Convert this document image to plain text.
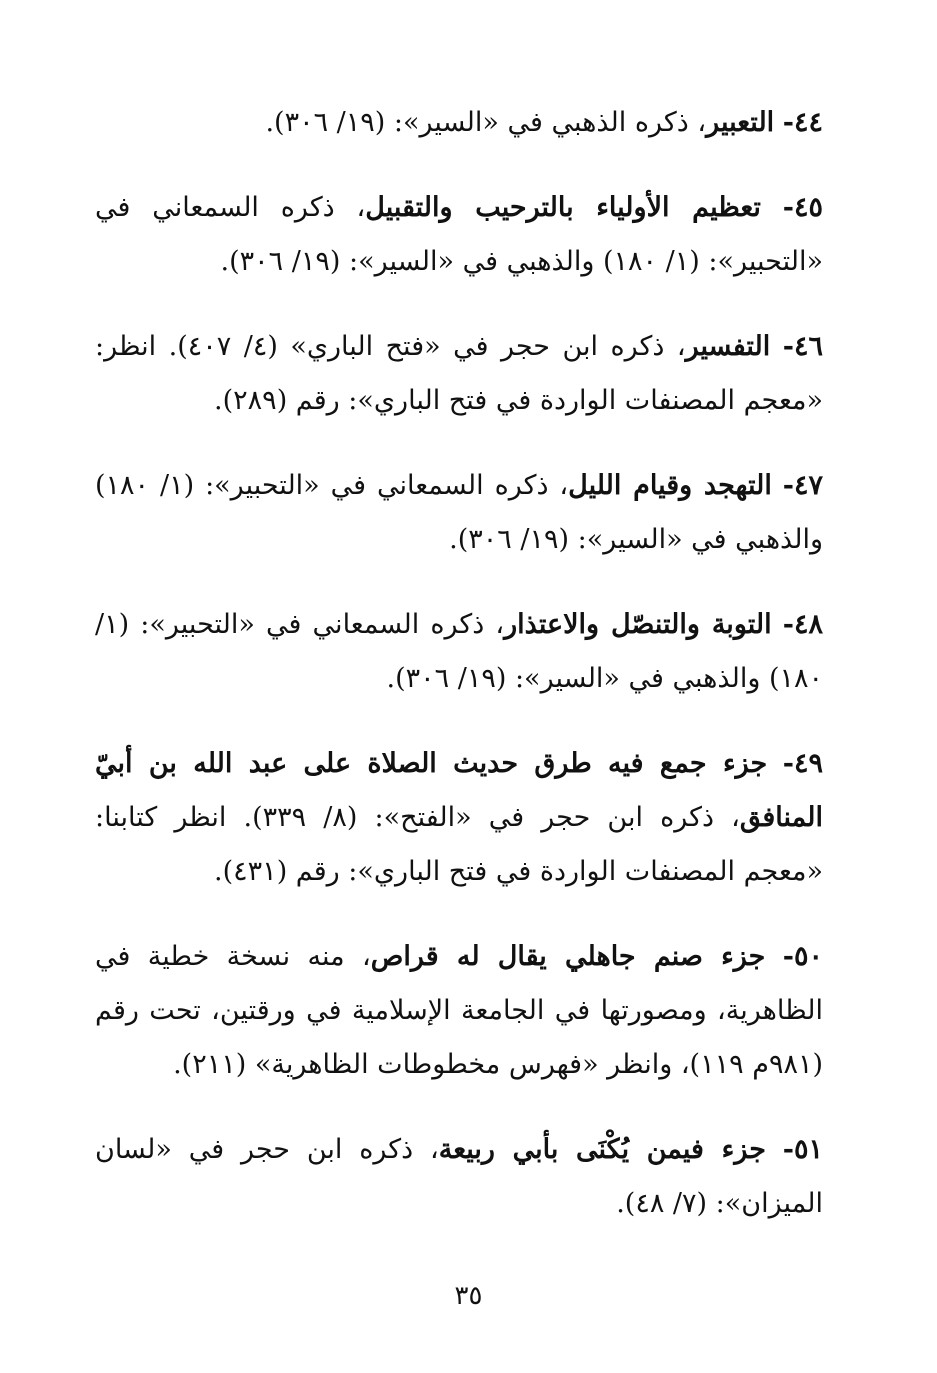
٤٤- التعبير، ذكره الذهبي في «السير»: (١٩/ ٣٠٦).

٤٥- تعظيم الأولياء بالترحيب والتقبيل، ذكره السمعاني في «التحبير»: (١/ ١٨٠) والذهبي في «السير»: (١٩/ ٣٠٦).

٤٦- التفسير، ذكره ابن حجر في «فتح الباري» (٤/ ٤٠٧). انظر: «معجم المصنفات الواردة في فتح الباري»: رقم (٢٨٩).

٤٧- التهجد وقيام الليل، ذكره السمعاني في «التحبير»: (١/ ١٨٠) والذهبي في «السير»: (١٩/ ٣٠٦).

٤٨- التوبة والتنصّل والاعتذار، ذكره السمعاني في «التحبير»: (١/ ١٨٠) والذهبي في «السير»: (١٩/ ٣٠٦).

٤٩- جزء جمع فيه طرق حديث الصلاة على عبد الله بن أبيّ المنافق، ذكره ابن حجر في «الفتح»: (٨/ ٣٣٩). انظر كتابنا: «معجم المصنفات الواردة في فتح الباري»: رقم (٤٣١).

٥٠- جزء صنم جاهلي يقال له قراص، منه نسخة خطية في الظاهرية، ومصورتها في الجامعة الإسلامية في ورقتين، تحت رقم (٩٨١م ١١٩)، وانظر «فهرس مخطوطات الظاهرية» (٢١١).

٥١- جزء فيمن يُكْنَى بأبي ربيعة، ذكره ابن حجر في «لسان الميزان»: (٧/ ٤٨).

٣٥
